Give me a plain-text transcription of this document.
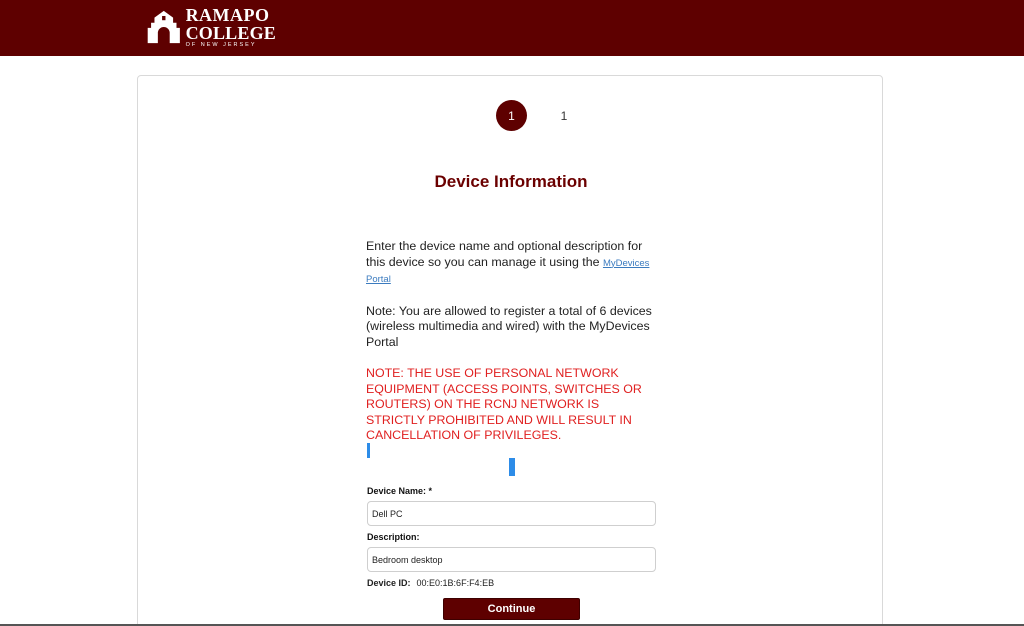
RAMAPO
COLLEGE
OF NEW JERSEY
1	1
Device Information

Enter the device name and optional description for this device so you can manage it using the MyDevices Portal

Note: You are allowed to register a total of 6 devices (wireless multimedia and wired) with the MyDevices Portal

NOTE: THE USE OF PERSONAL NETWORK EQUIPMENT (ACCESS POINTS, SWITCHES OR ROUTERS) ON THE RCNJ NETWORK IS STRICTLY PROHIBITED AND WILL RESULT IN CANCELLATION OF PRIVILEGES.

Device Name: *
Dell PC
Description:
Bedroom desktop
Device ID: 00:E0:1B:6F:F4:EB
Continue
